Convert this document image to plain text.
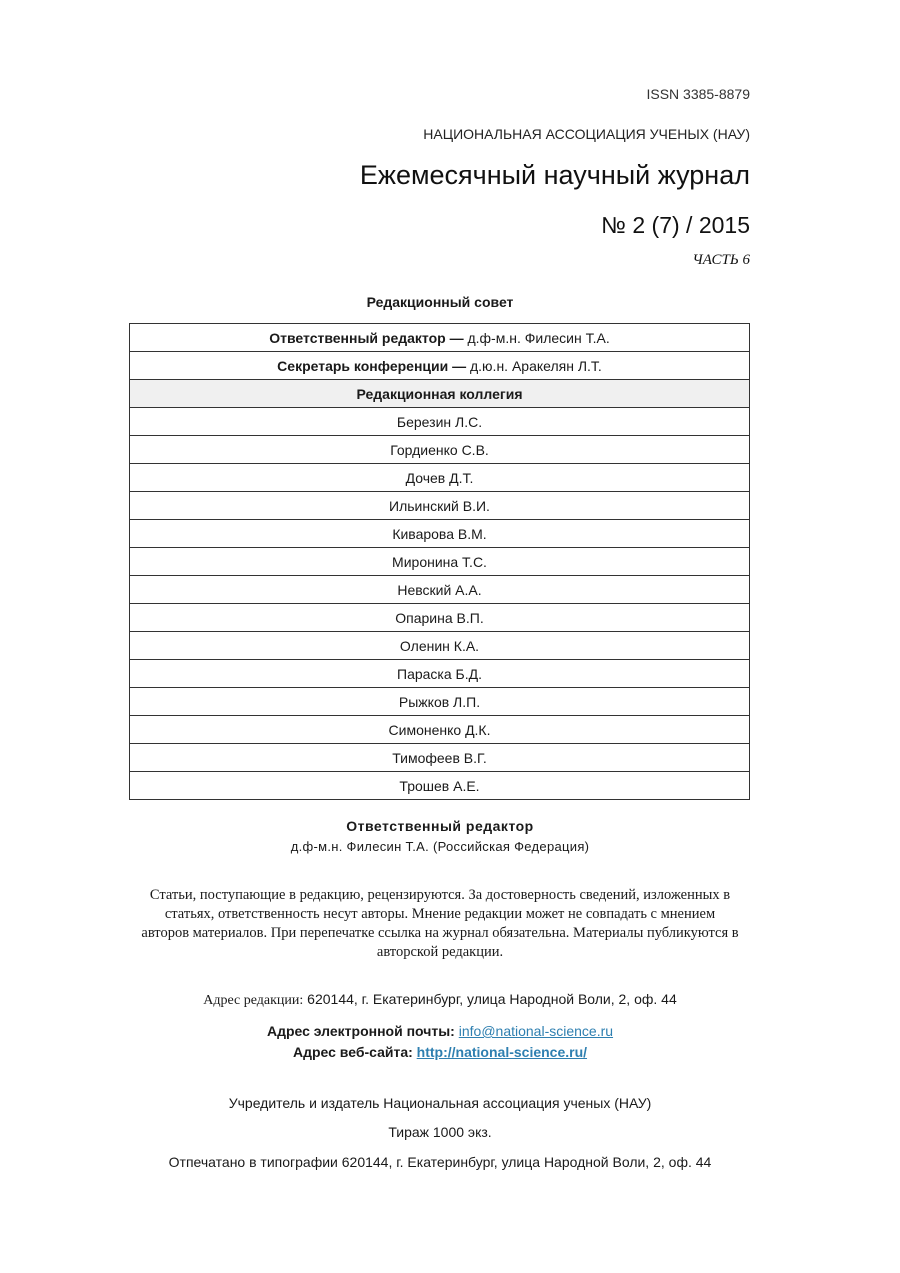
ISSN 3385-8879
НАЦИОНАЛЬНАЯ АССОЦИАЦИЯ УЧЕНЫХ (НАУ)
Ежемесячный научный журнал
№ 2 (7) / 2015
ЧАСТЬ 6
Редакционный совет
Ответственный редактор — д.ф-м.н. Филесин Т.А.
Секретарь конференции — д.ю.н. Аракелян Л.Т.
Редакционная коллегия
Березин Л.С.
Гордиенко С.В.
Дочев Д.Т.
Ильинский В.И.
Киварова В.М.
Миронина Т.С.
Невский А.А.
Опарина В.П.
Оленин К.А.
Параска Б.Д.
Рыжков Л.П.
Симоненко Д.К.
Тимофеев В.Г.
Трошев А.Е.
Ответственный редактор
д.ф-м.н. Филесин Т.А. (Российская Федерация)
Статьи, поступающие в редакцию, рецензируются. За достоверность сведений, изложенных в статьях, ответственность несут авторы. Мнение редакции может не совпадать с мнением авторов материалов. При перепечатке ссылка на журнал обязательна. Материалы публикуются в авторской редакции.
Адрес редакции: 620144, г. Екатеринбург, улица Народной Воли, 2, оф. 44
Адрес электронной почты: info@national-science.ru
Адрес веб-сайта: http://national-science.ru/
Учредитель и издатель Национальная ассоциация ученых (НАУ)
Тираж 1000 экз.
Отпечатано в типографии 620144, г. Екатеринбург, улица Народной Воли, 2, оф. 44
